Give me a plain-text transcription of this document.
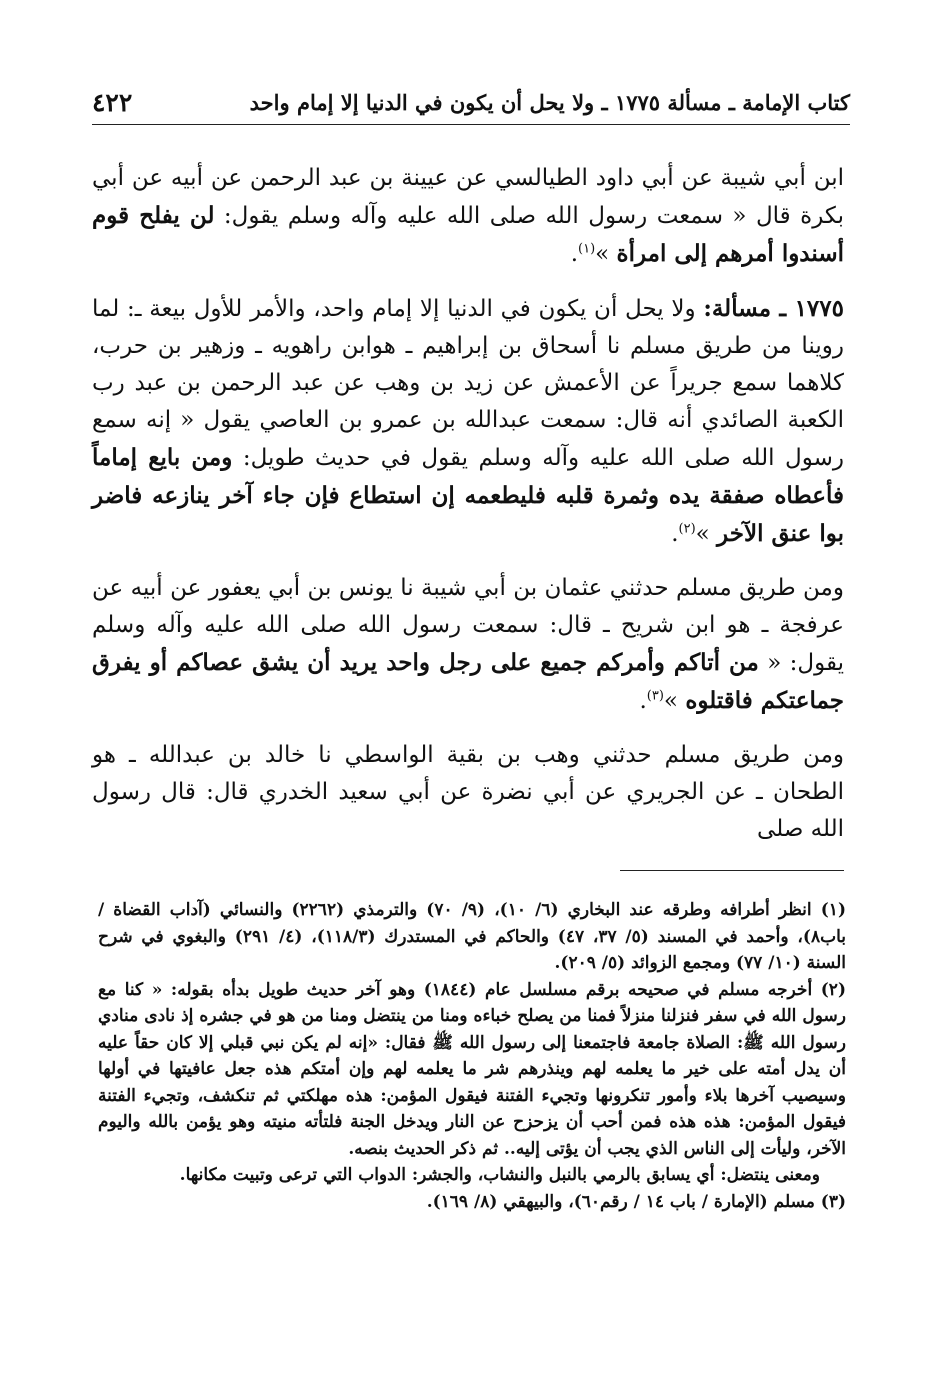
٤٢٢	كتاب الإمامة ـ مسألة ١٧٧٥ ـ ولا يحل أن يكون في الدنيا إلا إمام واحد

ابن أبي شيبة عن أبي داود الطيالسي عن عيينة بن عبد الرحمن عن أبيه عن أبي بكرة قال « سمعت رسول الله صلى الله عليه وآله وسلم يقول: لن يفلح قوم أسندوا أمرهم إلى امرأة »$^{(١)}$.

١٧٧٥ ـ مسألة: ولا يحل أن يكون في الدنيا إلا إمام واحد، والأمر للأول بيعة ـ: لما روينا من طريق مسلم نا أسحاق بن إبراهيم ـ هوابن راهويه ـ وزهير بن حرب، كلاهما سمع جريراً عن الأعمش عن زيد بن وهب عن عبد الرحمن بن عبد رب الكعبة الصائدي أنه قال: سمعت عبدالله بن عمرو بن العاصي يقول « إنه سمع رسول الله صلى الله عليه وآله وسلم يقول في حديث طويل: ومن بايع إماماً فأعطاه صفقة يده وثمرة قلبه فليطعمه إن استطاع فإن جاء آخر ينازعه فاضر بوا عنق الآخر »$^{(٢)}$.

ومن طريق مسلم حدثني عثمان بن أبي شيبة نا يونس بن أبي يعفور عن أبيه عن عرفجة ـ هو ابن شريح ـ قال: سمعت رسول الله صلى الله عليه وآله وسلم يقول: « من أتاكم وأمركم جميع على رجل واحد يريد أن يشق عصاكم أو يفرق جماعتكم فاقتلوه »$^{(٣)}$.

ومن طريق مسلم حدثني وهب بن بقية الواسطي نا خالد بن عبدالله ـ هو الطحان ـ عن الجريري عن أبي نضرة عن أبي سعيد الخدري قال: قال رسول الله صلى

(١) انظر أطرافه وطرقه عند البخاري (٦/ ١٠)، (٩/ ٧٠) والترمذي (٢٢٦٢) والنسائي (آداب القضاة / باب٨)، وأحمد في المسند (٥/ ٣٧، ٤٧) والحاكم في المستدرك (١١٨/٣)، (٤/ ٢٩١) والبغوي في شرح السنة (١٠/ ٧٧) ومجمع الزوائد (٥/ ٢٠٩).

(٢) أخرجه مسلم في صحيحه برقم مسلسل عام (١٨٤٤) وهو آخر حديث طويل بدأه بقوله: « كنا مع رسول الله في سفر فنزلنا منزلاً فمنا من يصلح خباءه ومنا من ينتضل ومنا من هو في جشره إذ نادى منادي رسول الله ﷺ: الصلاة جامعة فاجتمعنا إلى رسول الله ﷺ فقال: «إنه لم يكن نبي قبلي إلا كان حقاً عليه أن يدل أمته على خير ما يعلمه لهم وينذرهم شر ما يعلمه لهم وإن أمتكم هذه جعل عافيتها في أولها وسيصيب آخرها بلاء وأمور تنكرونها وتجيء الفتنة فيقول المؤمن: هذه مهلكتي ثم تنكشف، وتجيء الفتنة فيقول المؤمن: هذه هذه فمن أحب أن يزحزح عن النار ويدخل الجنة فلتأته منيته وهو يؤمن بالله واليوم الآخر، وليأت إلى الناس الذي يجب أن يؤتى إليه.. ثم ذكر الحديث بنصه.

ومعنى ينتضل: أي يسابق بالرمي بالنبل والنشاب، والجشر: الدواب التي ترعى وتبيت مكانها.

(٣) مسلم (الإمارة / باب ١٤ / رقم٦٠)، والبيهقي (٨/ ١٦٩).
